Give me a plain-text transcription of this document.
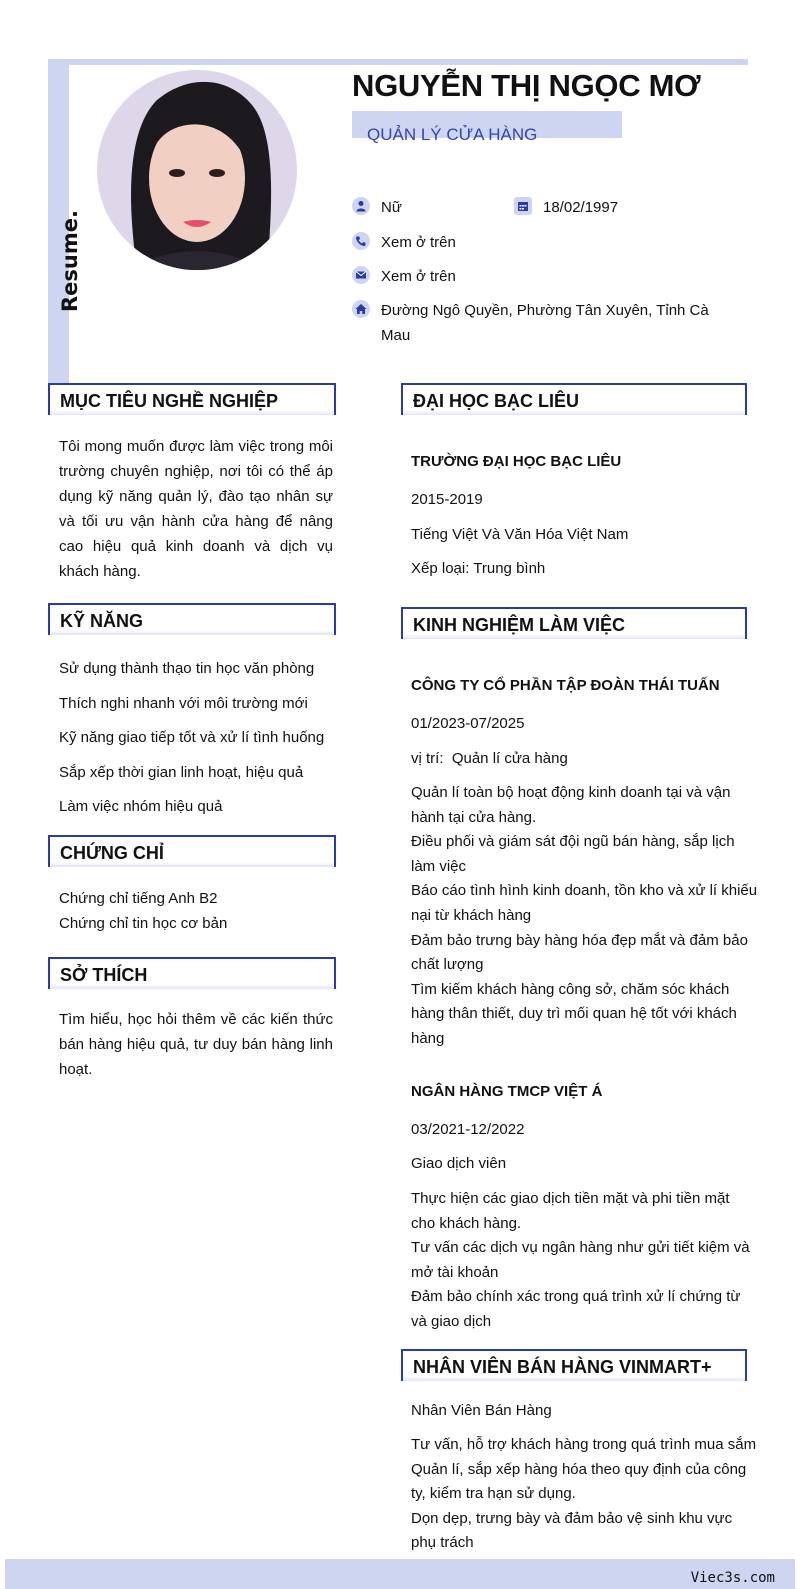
Resume.
NGUYỄN THỊ NGỌC MƠ
QUẢN LÝ CỬA HÀNG
Nữ	18/02/1997
Xem ở trên
Xem ở trên
Đường Ngô Quyền, Phường Tân Xuyên, Tỉnh Cà
Mau
MỤC TIÊU NGHỀ NGHIỆP
Tôi mong muốn được làm việc trong môi trường chuyên nghiệp, nơi tôi có thể áp dụng kỹ năng quản lý, đào tạo nhân sự và tối ưu vận hành cửa hàng để nâng cao hiệu quả kinh doanh và dịch vụ khách hàng.
KỸ NĂNG
Sử dụng thành thạo tin học văn phòng
Thích nghi nhanh với môi trường mới
Kỹ năng giao tiếp tốt và xử lí tình huống
Sắp xếp thời gian linh hoạt, hiệu quả
Làm việc nhóm hiệu quả
CHỨNG CHỈ
Chứng chỉ tiếng Anh B2
Chứng chỉ tin học cơ bản
SỞ THÍCH
Tìm hiểu, học hỏi thêm về các kiến thức bán hàng hiệu quả, tư duy bán hàng linh hoạt.
ĐẠI HỌC BẠC LIÊU
TRƯỜNG ĐẠI HỌC BẠC LIÊU
2015-2019
Tiếng Việt Và Văn Hóa Việt Nam
Xếp loại: Trung bình
KINH NGHIỆM LÀM VIỆC
CÔNG TY CỔ PHẦN TẬP ĐOÀN THÁI TUẤN
01/2023-07/2025
vị trí:  Quản lí cửa hàng
Quản lí toàn bộ hoạt động kinh doanh tại và vận
hành tại cửa hàng.
Điều phối và giám sát đội ngũ bán hàng, sắp lịch
làm việc
Báo cáo tình hình kinh doanh, tồn kho và xử lí khiếu
nại từ khách hàng
Đảm bảo trưng bày hàng hóa đẹp mắt và đảm bảo
chất lượng
Tìm kiếm khách hàng công sở, chăm sóc khách
hàng thân thiết, duy trì mối quan hệ tốt với khách
hàng
NGÂN HÀNG TMCP VIỆT Á
03/2021-12/2022
Giao dịch viên
Thực hiện các giao dịch tiền mặt và phi tiền mặt
cho khách hàng.
Tư vấn các dịch vụ ngân hàng như gửi tiết kiệm và
mở tài khoản
Đảm bảo chính xác trong quá trình xử lí chứng từ
và giao dịch
NHÂN VIÊN BÁN HÀNG VINMART+
Nhân Viên Bán Hàng
Tư vấn, hỗ trợ khách hàng trong quá trình mua sắm
Quản lí, sắp xếp hàng hóa theo quy định của công
ty, kiểm tra hạn sử dụng.
Dọn dẹp, trưng bày và đảm bảo vệ sinh khu vực
phụ trách
Viec3s.com
